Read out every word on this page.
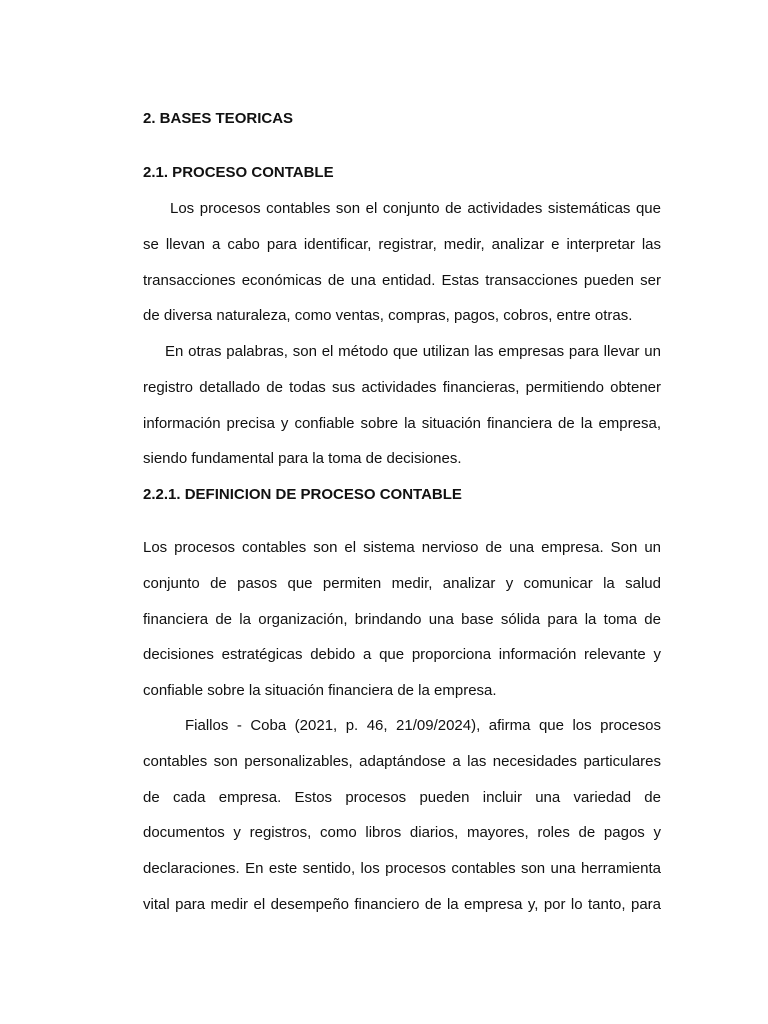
2. BASES TEORICAS
2.1. PROCESO CONTABLE
Los procesos contables son el conjunto de actividades sistemáticas que
se llevan a cabo para identificar, registrar, medir, analizar e interpretar las
transacciones económicas de una entidad. Estas transacciones pueden ser
de diversa naturaleza, como ventas, compras, pagos, cobros, entre otras.
En otras palabras, son el método que utilizan las empresas para llevar un
registro detallado de todas sus actividades financieras, permitiendo obtener
información precisa y confiable sobre la situación financiera de la empresa,
siendo fundamental para la toma de decisiones.
2.2.1. DEFINICION DE PROCESO CONTABLE
Los procesos contables son el sistema nervioso de una empresa. Son un
conjunto de pasos que permiten medir, analizar y comunicar la salud
financiera de la organización, brindando una base sólida para la toma de
decisiones estratégicas debido a que proporciona información relevante y
confiable sobre la situación financiera de la empresa.
Fiallos - Coba (2021, p. 46, 21/09/2024), afirma que los procesos
contables son personalizables, adaptándose a las necesidades particulares
de cada empresa. Estos procesos pueden incluir una variedad de
documentos y registros, como libros diarios, mayores, roles de pagos y
declaraciones. En este sentido, los procesos contables son una herramienta
vital para medir el desempeño financiero de la empresa y, por lo tanto, para
